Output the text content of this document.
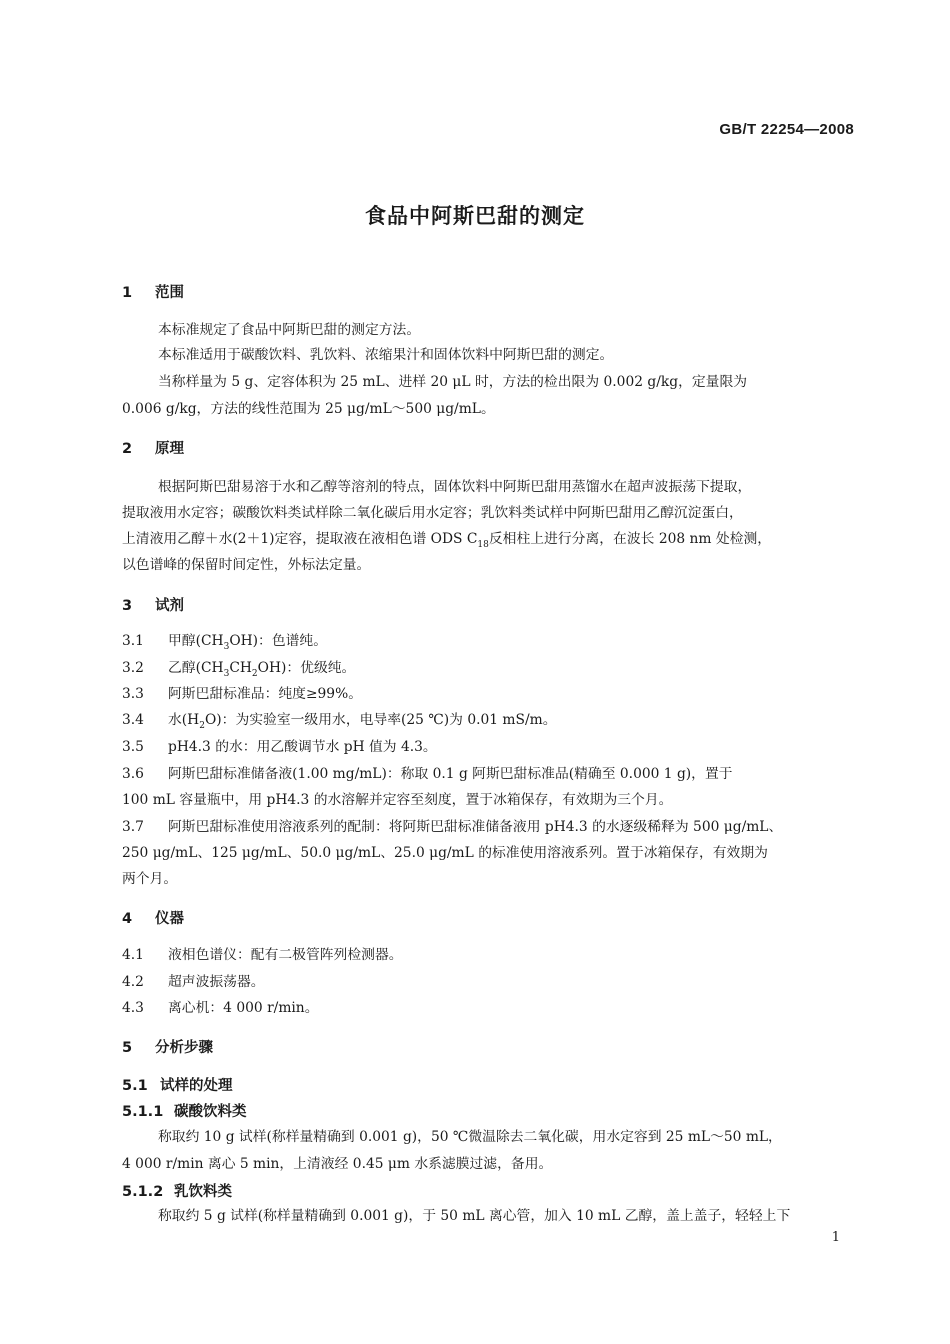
GB/T 22254—2008
食品中阿斯巴甜的测定
1 范围
本标准规定了食品中阿斯巴甜的测定方法。
本标准适用于碳酸饮料、乳饮料、浓缩果汁和固体饮料中阿斯巴甜的测定。
当称样量为 5 g、定容体积为 25 mL、进样 20 μL 时，方法的检出限为 0.002 g/kg，定量限为
0.006 g/kg，方法的线性范围为 25 μg/mL～500 μg/mL。
2 原理
根据阿斯巴甜易溶于水和乙醇等溶剂的特点，固体饮料中阿斯巴甜用蒸馏水在超声波振荡下提取，
提取液用水定容；碳酸饮料类试样除二氧化碳后用水定容；乳饮料类试样中阿斯巴甜用乙醇沉淀蛋白，
上清液用乙醇＋水(2＋1)定容，提取液在液相色谱 ODS $C_{18}$反相柱上进行分离，在波长 208 nm 处检测，
以色谱峰的保留时间定性，外标法定量。
3 试剂
3.1 甲醇$(CH_3OH)$：色谱纯。
3.2 乙醇$(CH_3CH_2OH)$：优级纯。
3.3 阿斯巴甜标准品：纯度≥99%。
3.4 水$(H_2O)$：为实验室一级用水，电导率(25 ℃)为 0.01 mS/m。
3.5 pH4.3 的水：用乙酸调节水 pH 值为 4.3。
3.6 阿斯巴甜标准储备液(1.00 mg/mL)：称取 0.1 g 阿斯巴甜标准品(精确至 0.000 1 g)，置于
100 mL 容量瓶中，用 pH4.3 的水溶解并定容至刻度，置于冰箱保存，有效期为三个月。
3.7 阿斯巴甜标准使用溶液系列的配制：将阿斯巴甜标准储备液用 pH4.3 的水逐级稀释为 500 μg/mL、
250 μg/mL、125 μg/mL、50.0 μg/mL、25.0 μg/mL 的标准使用溶液系列。置于冰箱保存，有效期为
两个月。
4 仪器
4.1 液相色谱仪：配有二极管阵列检测器。
4.2 超声波振荡器。
4.3 离心机：4 000 r/min。
5 分析步骤
5.1 试样的处理
5.1.1 碳酸饮料类
称取约 10 g 试样(称样量精确到 0.001 g)，50 ℃微温除去二氧化碳，用水定容到 25 mL～50 mL，
4 000 r/min 离心 5 min，上清液经 0.45 μm 水系滤膜过滤，备用。
5.1.2 乳饮料类
称取约 5 g 试样(称样量精确到 0.001 g)，于 50 mL 离心管，加入 10 mL 乙醇，盖上盖子，轻轻上下
1
